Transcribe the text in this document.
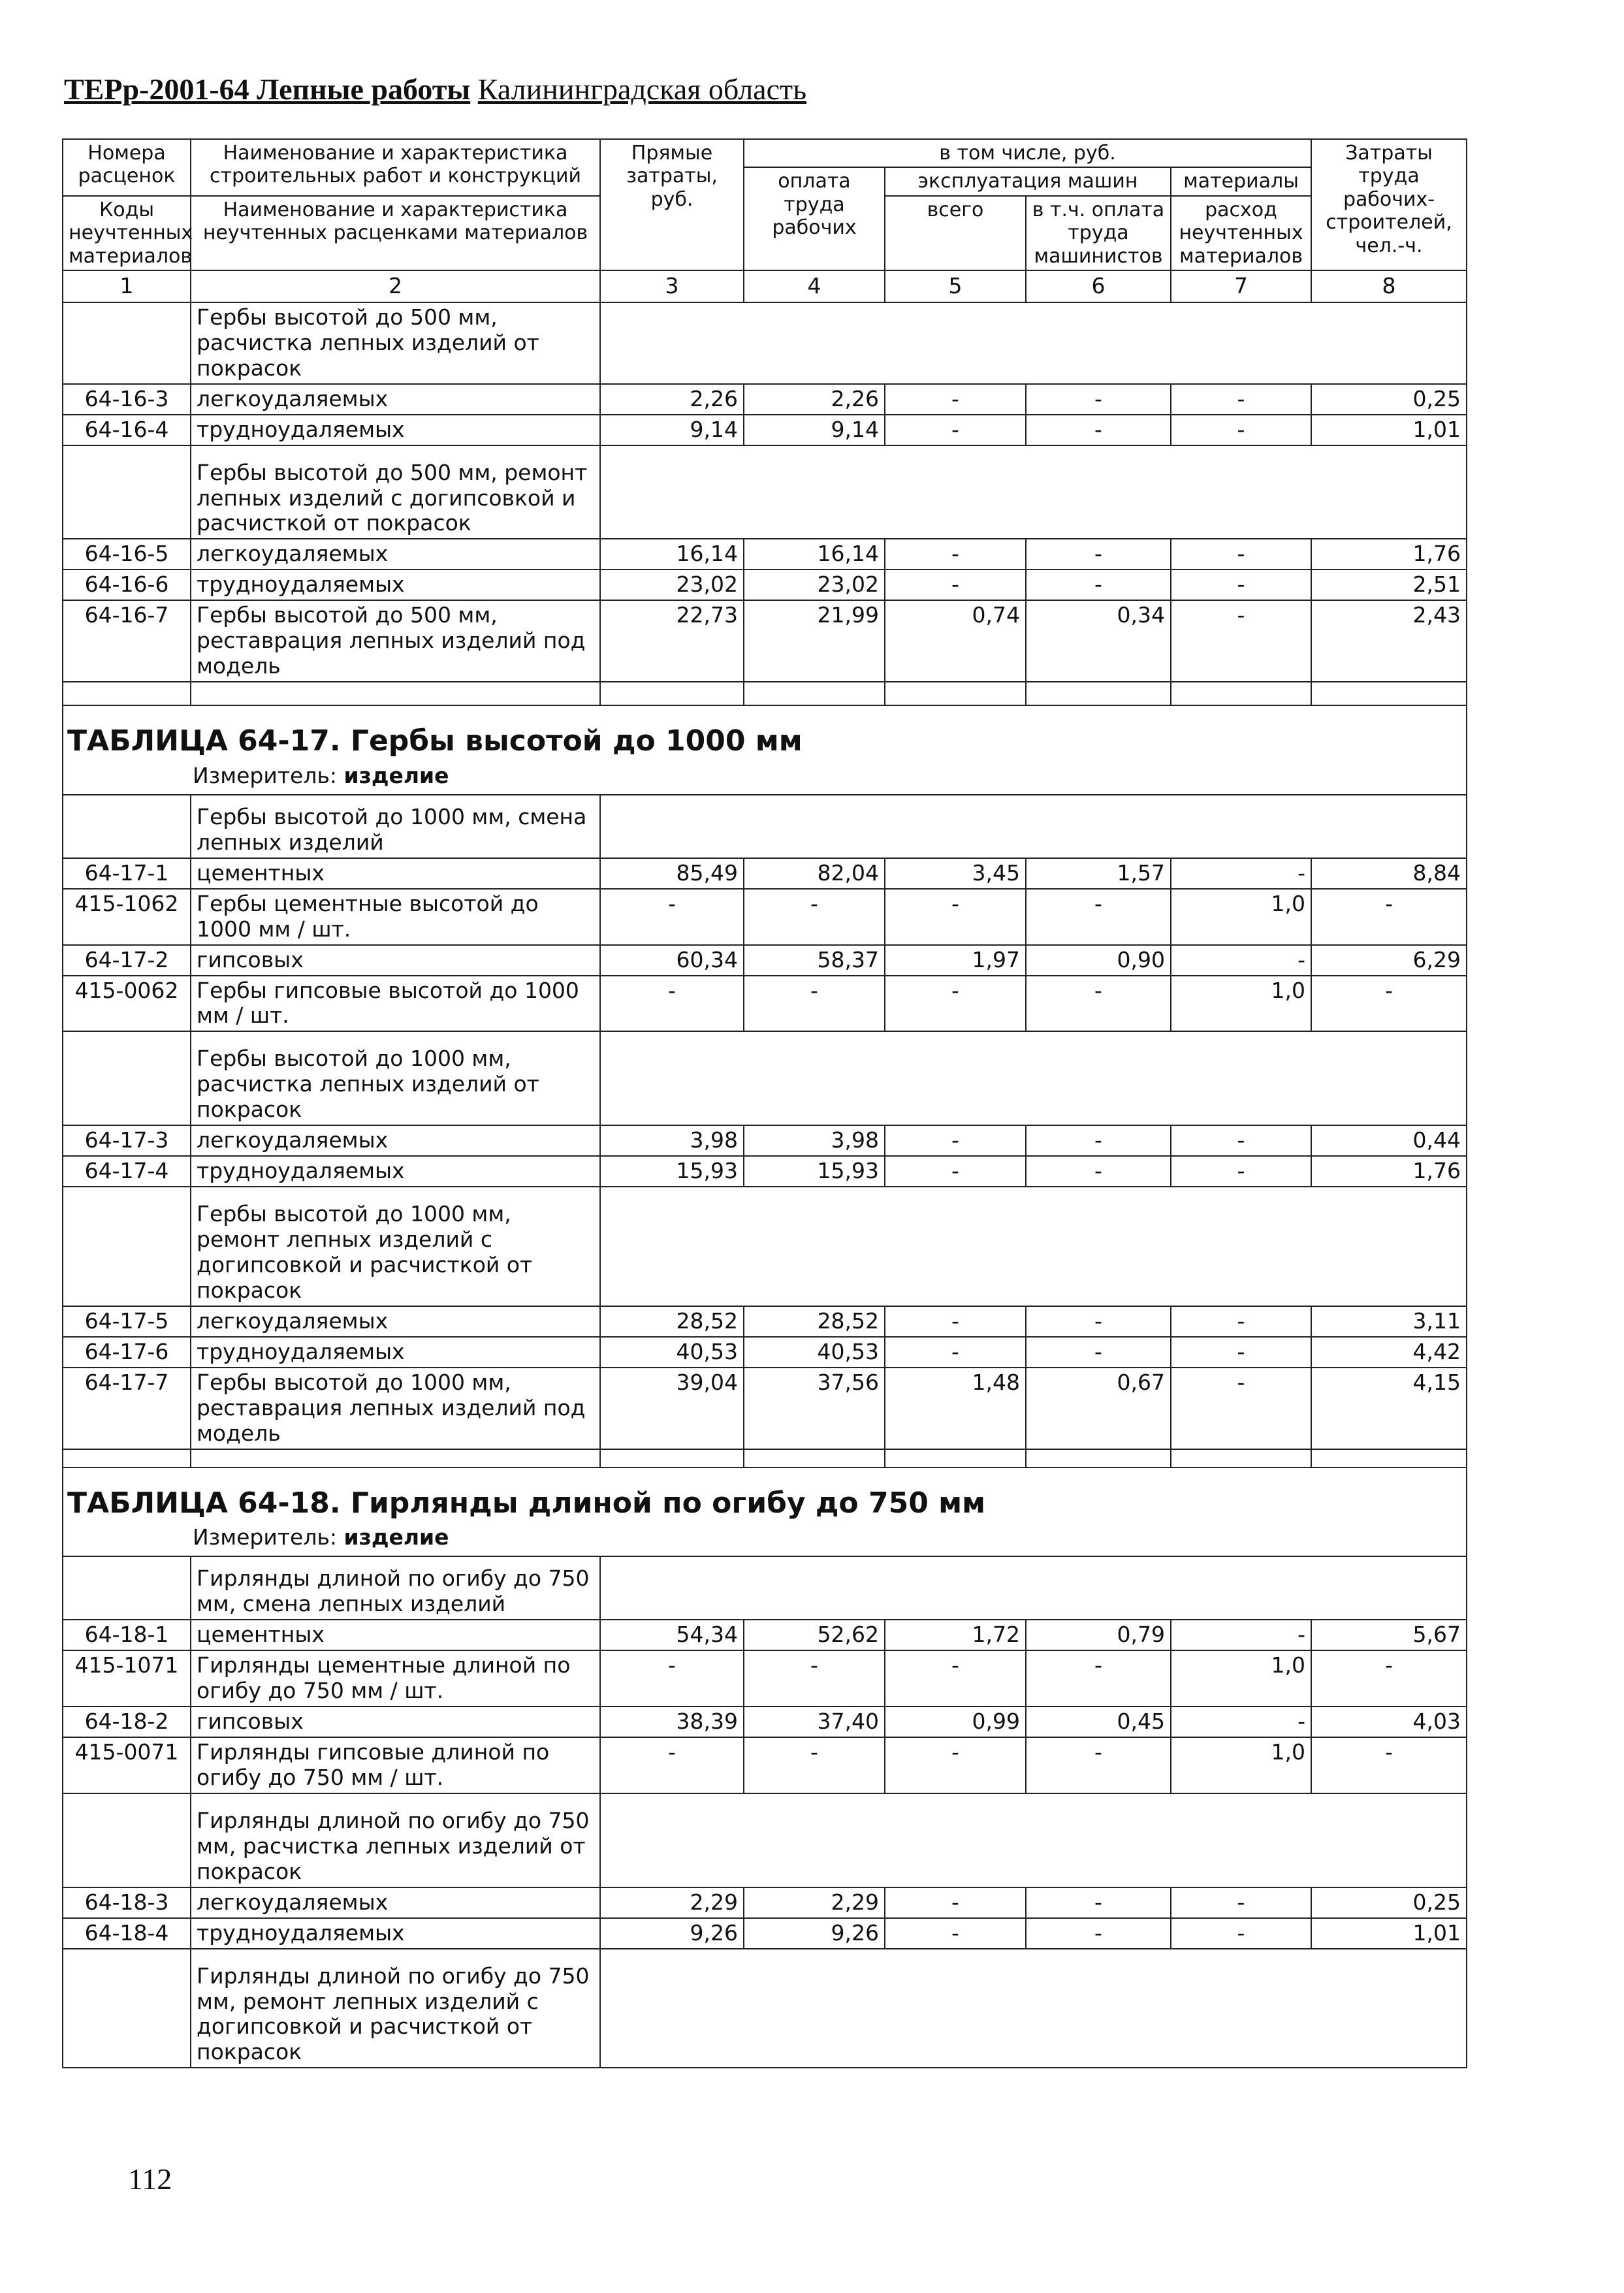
ТЕРр-2001-64 Лепные работы Калининградская область
Номера расценок	Наименование и характеристика строительных работ и конструкций	Прямые затраты, руб.	в том числе, руб.				Затраты труда рабочих-строителей, чел.-ч.
			оплата труда рабочих	эксплуатация машин		материалы	
Коды неучтенных материалов	Наименование и характеристика неучтенных расценками материалов			всего	в т.ч. оплата труда машинистов	расход неучтенных материалов	

1	2	3	4	5	6	7	8
	Гербы высотой до 500 мм, расчистка лепных изделий от покрасок						
64-16-3	легкоудаляемых	2,26	2,26	-	-	-	0,25
64-16-4	трудноудаляемых	9,14	9,14	-	-	-	1,01
	Гербы высотой до 500 мм, ремонт лепных изделий с догипсовкой и расчисткой от покрасок						
64-16-5	легкоудаляемых	16,14	16,14	-	-	-	1,76
64-16-6	трудноудаляемых	23,02	23,02	-	-	-	2,51
64-16-7	Гербы высотой до 500 мм, реставрация лепных изделий под модель	22,73	21,99	0,74	0,34	-	2,43

ТАБЛИЦА 64-17. Гербы высотой до 1000 мм
Измеритель: изделие							

	Гербы высотой до 1000 мм, смена лепных изделий						
64-17-1	цементных	85,49	82,04	3,45	1,57	-	8,84
415-1062	Гербы цементные высотой до 1000 мм / шт.	-	-	-	-	1,0	-
64-17-2	гипсовых	60,34	58,37	1,97	0,90	-	6,29
415-0062	Гербы гипсовые высотой до 1000 мм / шт.	-	-	-	-	1,0	-
	Гербы высотой до 1000 мм, расчистка лепных изделий от покрасок						
64-17-3	легкоудаляемых	3,98	3,98	-	-	-	0,44
64-17-4	трудноудаляемых	15,93	15,93	-	-	-	1,76
	Гербы высотой до 1000 мм, ремонт лепных изделий с догипсовкой и расчисткой от покрасок						
64-17-5	легкоудаляемых	28,52	28,52	-	-	-	3,11
64-17-6	трудноудаляемых	40,53	40,53	-	-	-	4,42
64-17-7	Гербы высотой до 1000 мм, реставрация лепных изделий под модель	39,04	37,56	1,48	0,67	-	4,15

ТАБЛИЦА 64-18. Гирлянды длиной по огибу до 750 мм
Измеритель: изделие							

	Гирлянды длиной по огибу до 750 мм, смена лепных изделий						
64-18-1	цементных	54,34	52,62	1,72	0,79	-	5,67
415-1071	Гирлянды цементные длиной по огибу до 750 мм / шт.	-	-	-	-	1,0	-
64-18-2	гипсовых	38,39	37,40	0,99	0,45	-	4,03
415-0071	Гирлянды гипсовые длиной по огибу до 750 мм / шт.	-	-	-	-	1,0	-
	Гирлянды длиной по огибу до 750 мм, расчистка лепных изделий от покрасок						
64-18-3	легкоудаляемых	2,29	2,29	-	-	-	0,25
64-18-4	трудноудаляемых	9,26	9,26	-	-	-	1,01
	Гирлянды длиной по огибу до 750 мм, ремонт лепных изделий с догипсовкой и расчисткой от покрасок						
112
